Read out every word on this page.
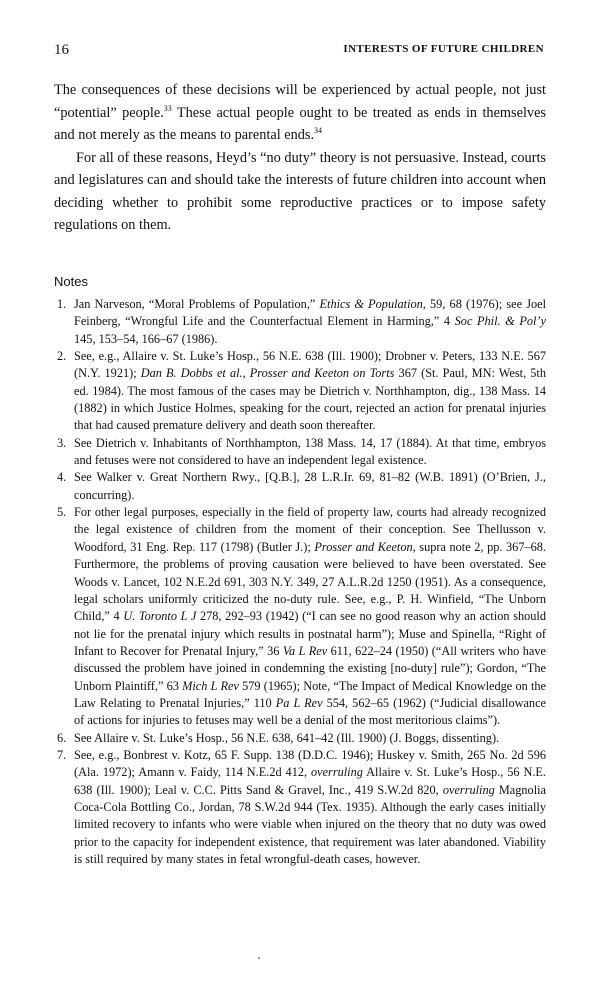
16	INTERESTS OF FUTURE CHILDREN

The consequences of these decisions will be experienced by actual people, not just “potential” people.$^{33}$ These actual people ought to be treated as ends in themselves and not merely as the means to parental ends.$^{34}$

For all of these reasons, Heyd’s “no duty” theory is not persuasive. Instead, courts and legislatures can and should take the interests of future children into account when deciding whether to prohibit some reproductive practices or to impose safety regulations on them.

Notes

1. Jan Narveson, “Moral Problems of Population,” Ethics & Population, 59, 68 (1976); see Joel Feinberg, “Wrongful Life and the Counterfactual Element in Harming,” 4 Soc Phil. & Pol’y 145, 153–54, 166–67 (1986).

2. See, e.g., Allaire v. St. Luke’s Hosp., 56 N.E. 638 (Ill. 1900); Drobner v. Peters, 133 N.E. 567 (N.Y. 1921); Dan B. Dobbs et al., Prosser and Keeton on Torts 367 (St. Paul, MN: West, 5th ed. 1984). The most famous of the cases may be Dietrich v. Northhampton, dig., 138 Mass. 14 (1882) in which Justice Holmes, speaking for the court, rejected an action for prenatal injuries that had caused premature delivery and death soon thereafter.

3. See Dietrich v. Inhabitants of Northhampton, 138 Mass. 14, 17 (1884). At that time, embryos and fetuses were not considered to have an independent legal existence.

4. See Walker v. Great Northern Rwy., [Q.B.], 28 L.R.Ir. 69, 81–82 (W.B. 1891) (O’Brien, J., concurring).

5. For other legal purposes, especially in the field of property law, courts had already recognized the legal existence of children from the moment of their conception. See Thellusson v. Woodford, 31 Eng. Rep. 117 (1798) (Butler J.); Prosser and Keeton, supra note 2, pp. 367–68. Furthermore, the problems of proving causation were believed to have been overstated. See Woods v. Lancet, 102 N.E.2d 691, 303 N.Y. 349, 27 A.L.R.2d 1250 (1951). As a consequence, legal scholars uniformly criticized the no-duty rule. See, e.g., P. H. Winfield, “The Unborn Child,” 4 U. Toronto L J 278, 292–93 (1942) (“I can see no good reason why an action should not lie for the prenatal injury which results in postnatal harm”); Muse and Spinella, “Right of Infant to Recover for Prenatal Injury,” 36 Va L Rev 611, 622–24 (1950) (“All writers who have discussed the problem have joined in condemning the existing [no-duty] rule”); Gordon, “The Unborn Plaintiff,” 63 Mich L Rev 579 (1965); Note, “The Impact of Medical Knowledge on the Law Relating to Prenatal Injuries,” 110 Pa L Rev 554, 562–65 (1962) (“Judicial disallowance of actions for injuries to fetuses may well be a denial of the most meritorious claims”).

6. See Allaire v. St. Luke’s Hosp., 56 N.E. 638, 641–42 (Ill. 1900) (J. Boggs, dissenting).

7. See, e.g., Bonbrest v. Kotz, 65 F. Supp. 138 (D.D.C. 1946); Huskey v. Smith, 265 No. 2d 596 (Ala. 1972); Amann v. Faidy, 114 N.E.2d 412, overruling Allaire v. St. Luke’s Hosp., 56 N.E. 638 (Ill. 1900); Leal v. C.C. Pitts Sand & Gravel, Inc., 419 S.W.2d 820, overruling Magnolia Coca-Cola Bottling Co., Jordan, 78 S.W.2d 944 (Tex. 1935). Although the early cases initially limited recovery to infants who were viable when injured on the theory that no duty was owed prior to the capacity for independent existence, that requirement was later abandoned. Viability is still required by many states in fetal wrongful-death cases, however.
